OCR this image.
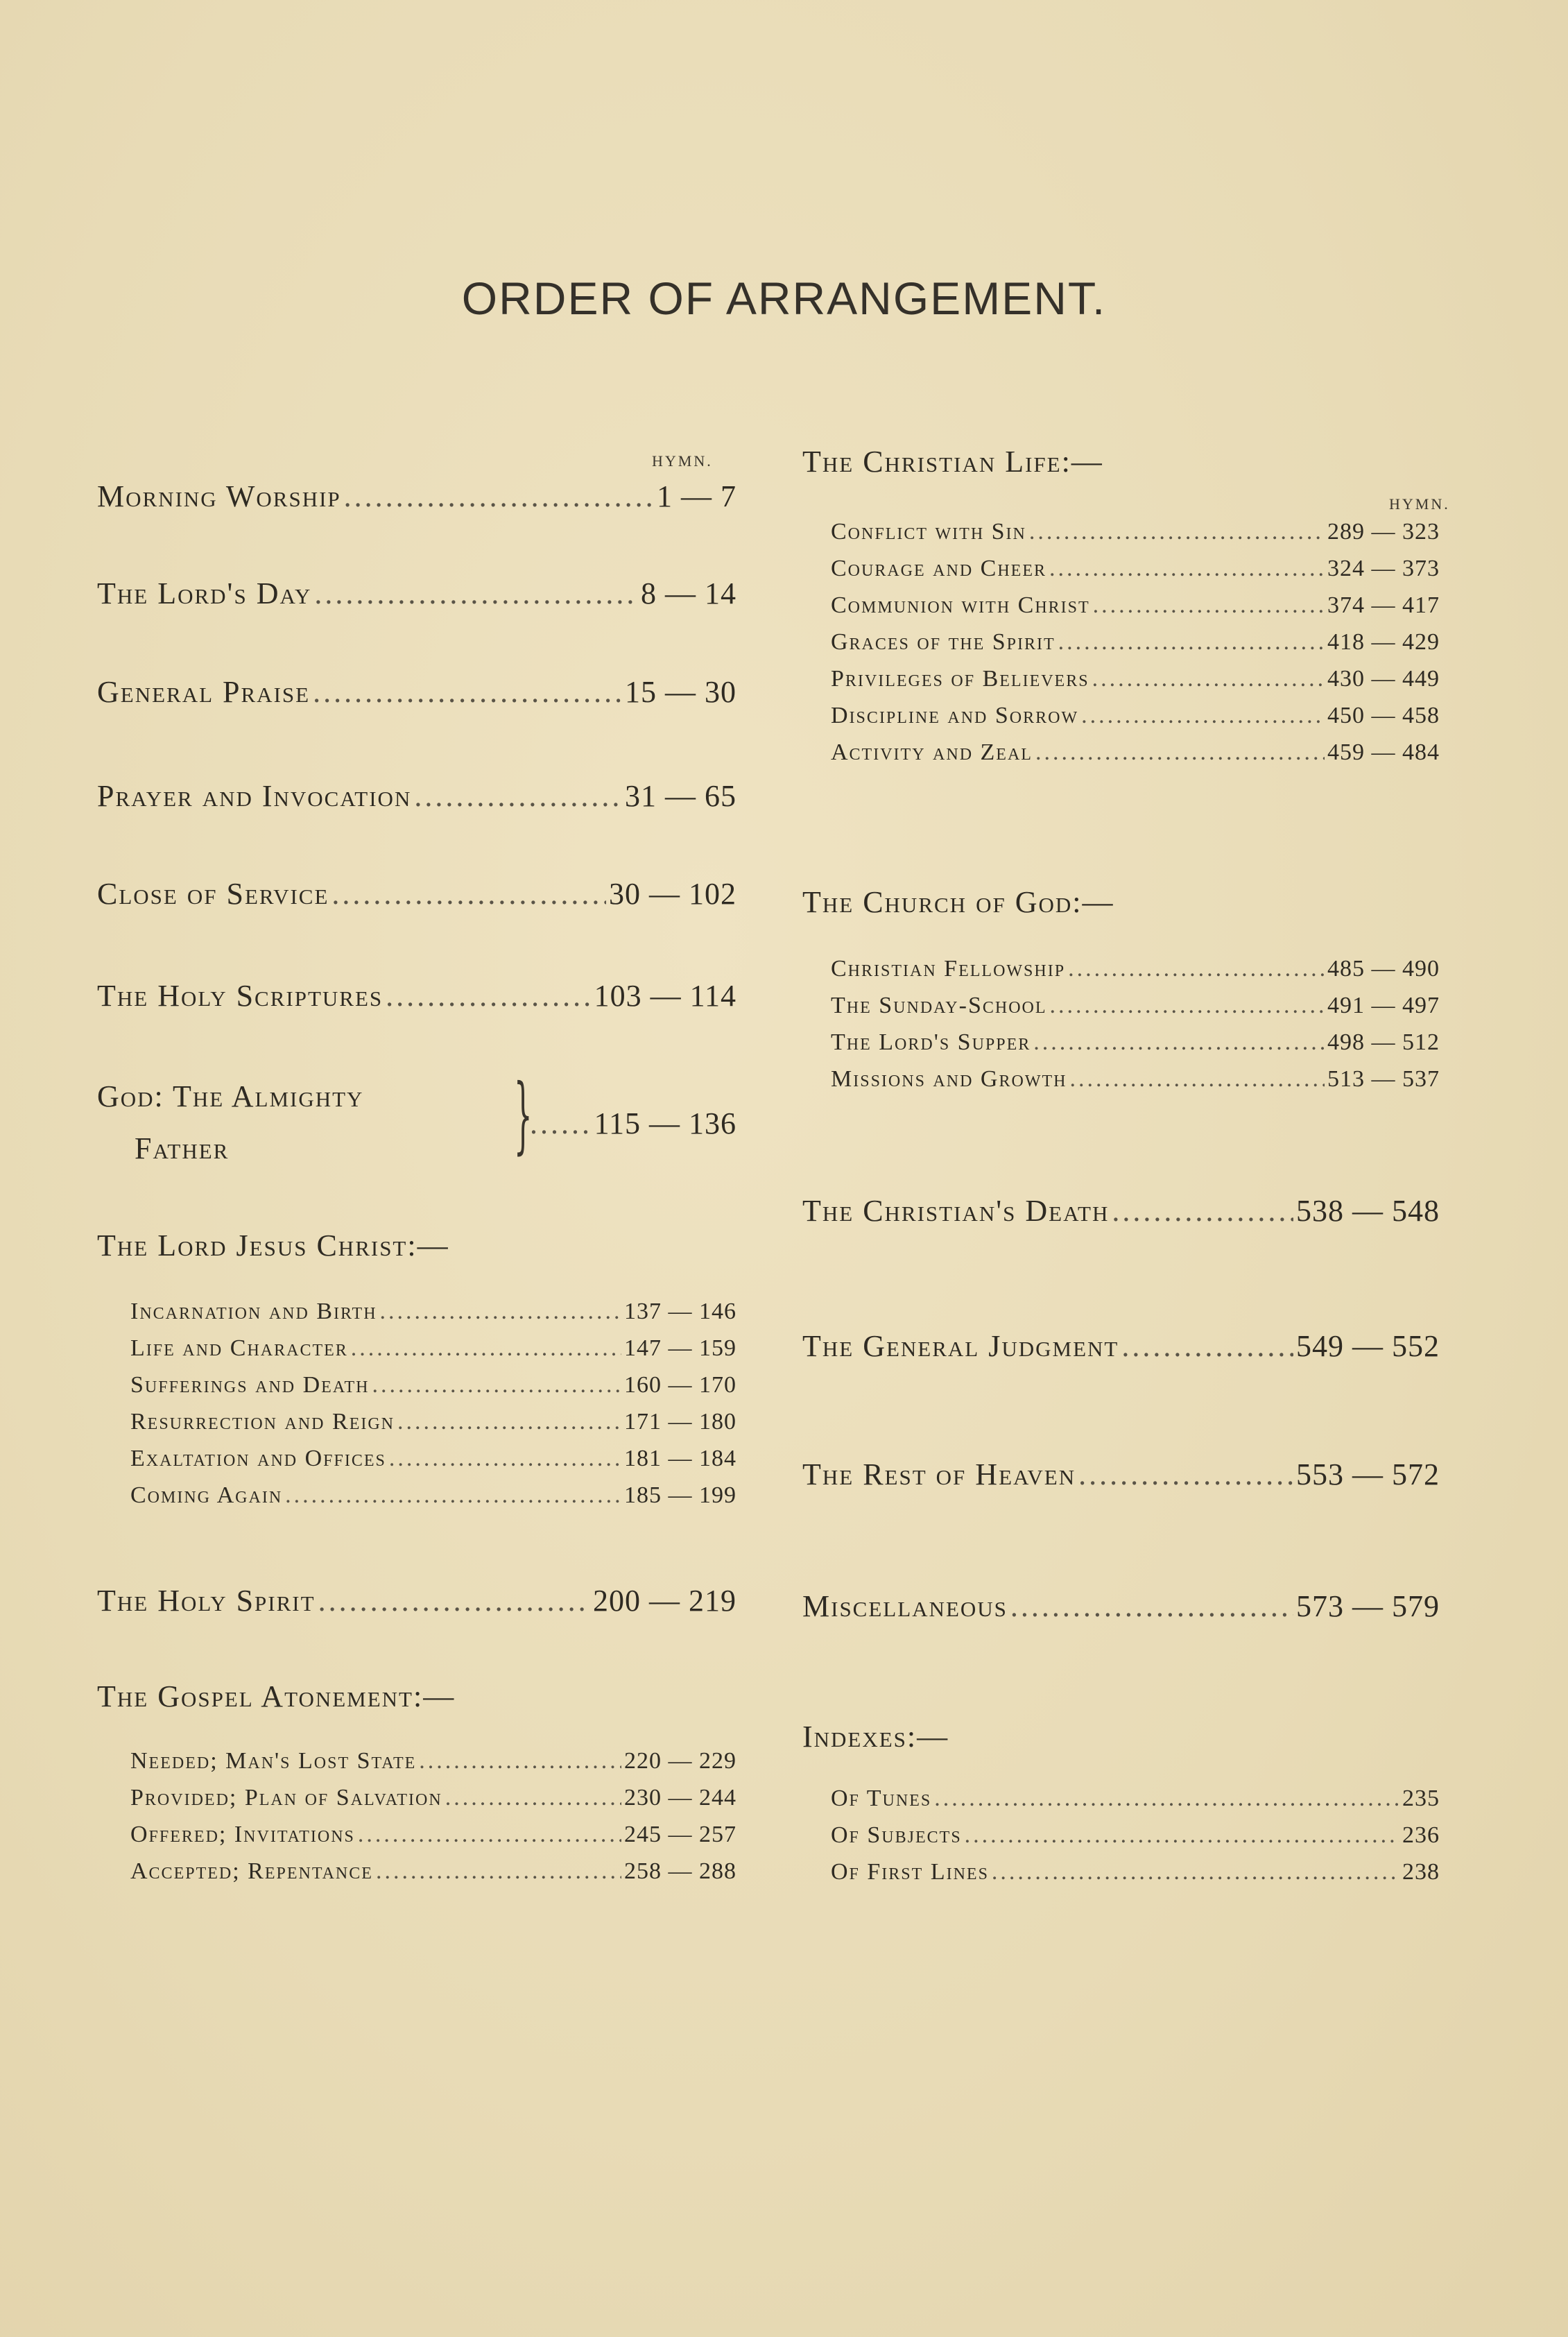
ORDER OF ARRANGEMENT.
HYMN.
Morning Worship .....	1 — 7
The Lord's Day .....	8 — 14
General Praise .....	15 — 30
Prayer and Invocation .....	31 — 65
Close of Service .....	30 — 102
The Holy Scriptures .....	103 — 114
God: The Almighty
Father	} ..... 115 — 136
The Lord Jesus Christ:—
Incarnation and Birth .....	137 — 146
Life and Character .....	147 — 159
Sufferings and Death .....	160 — 170
Resurrection and Reign .....	171 — 180
Exaltation and Offices .....	181 — 184
Coming Again .....	185 — 199
The Holy Spirit .....	200 — 219
The Gospel Atonement:—
Needed; Man's Lost State .....	220 — 229
Provided; Plan of Salvation .....	230 — 244
Offered; Invitations .....	245 — 257
Accepted; Repentance .....	258 — 288
The Christian Life:—
HYMN.
Conflict with Sin .....	289 — 323
Courage and Cheer .....	324 — 373
Communion with Christ .....	374 — 417
Graces of the Spirit .....	418 — 429
Privileges of Believers .....	430 — 449
Discipline and Sorrow .....	450 — 458
Activity and Zeal .....	459 — 484
The Church of God:—
Christian Fellowship .....	485 — 490
The Sunday-School .....	491 — 497
The Lord's Supper .....	498 — 512
Missions and Growth .....	513 — 537
The Christian's Death .....	538 — 548
The General Judgment .....	549 — 552
The Rest of Heaven .....	553 — 572
Miscellaneous .....	573 — 579
Indexes:—
Of Tunes .....	235
Of Subjects .....	236
Of First Lines .....	238
